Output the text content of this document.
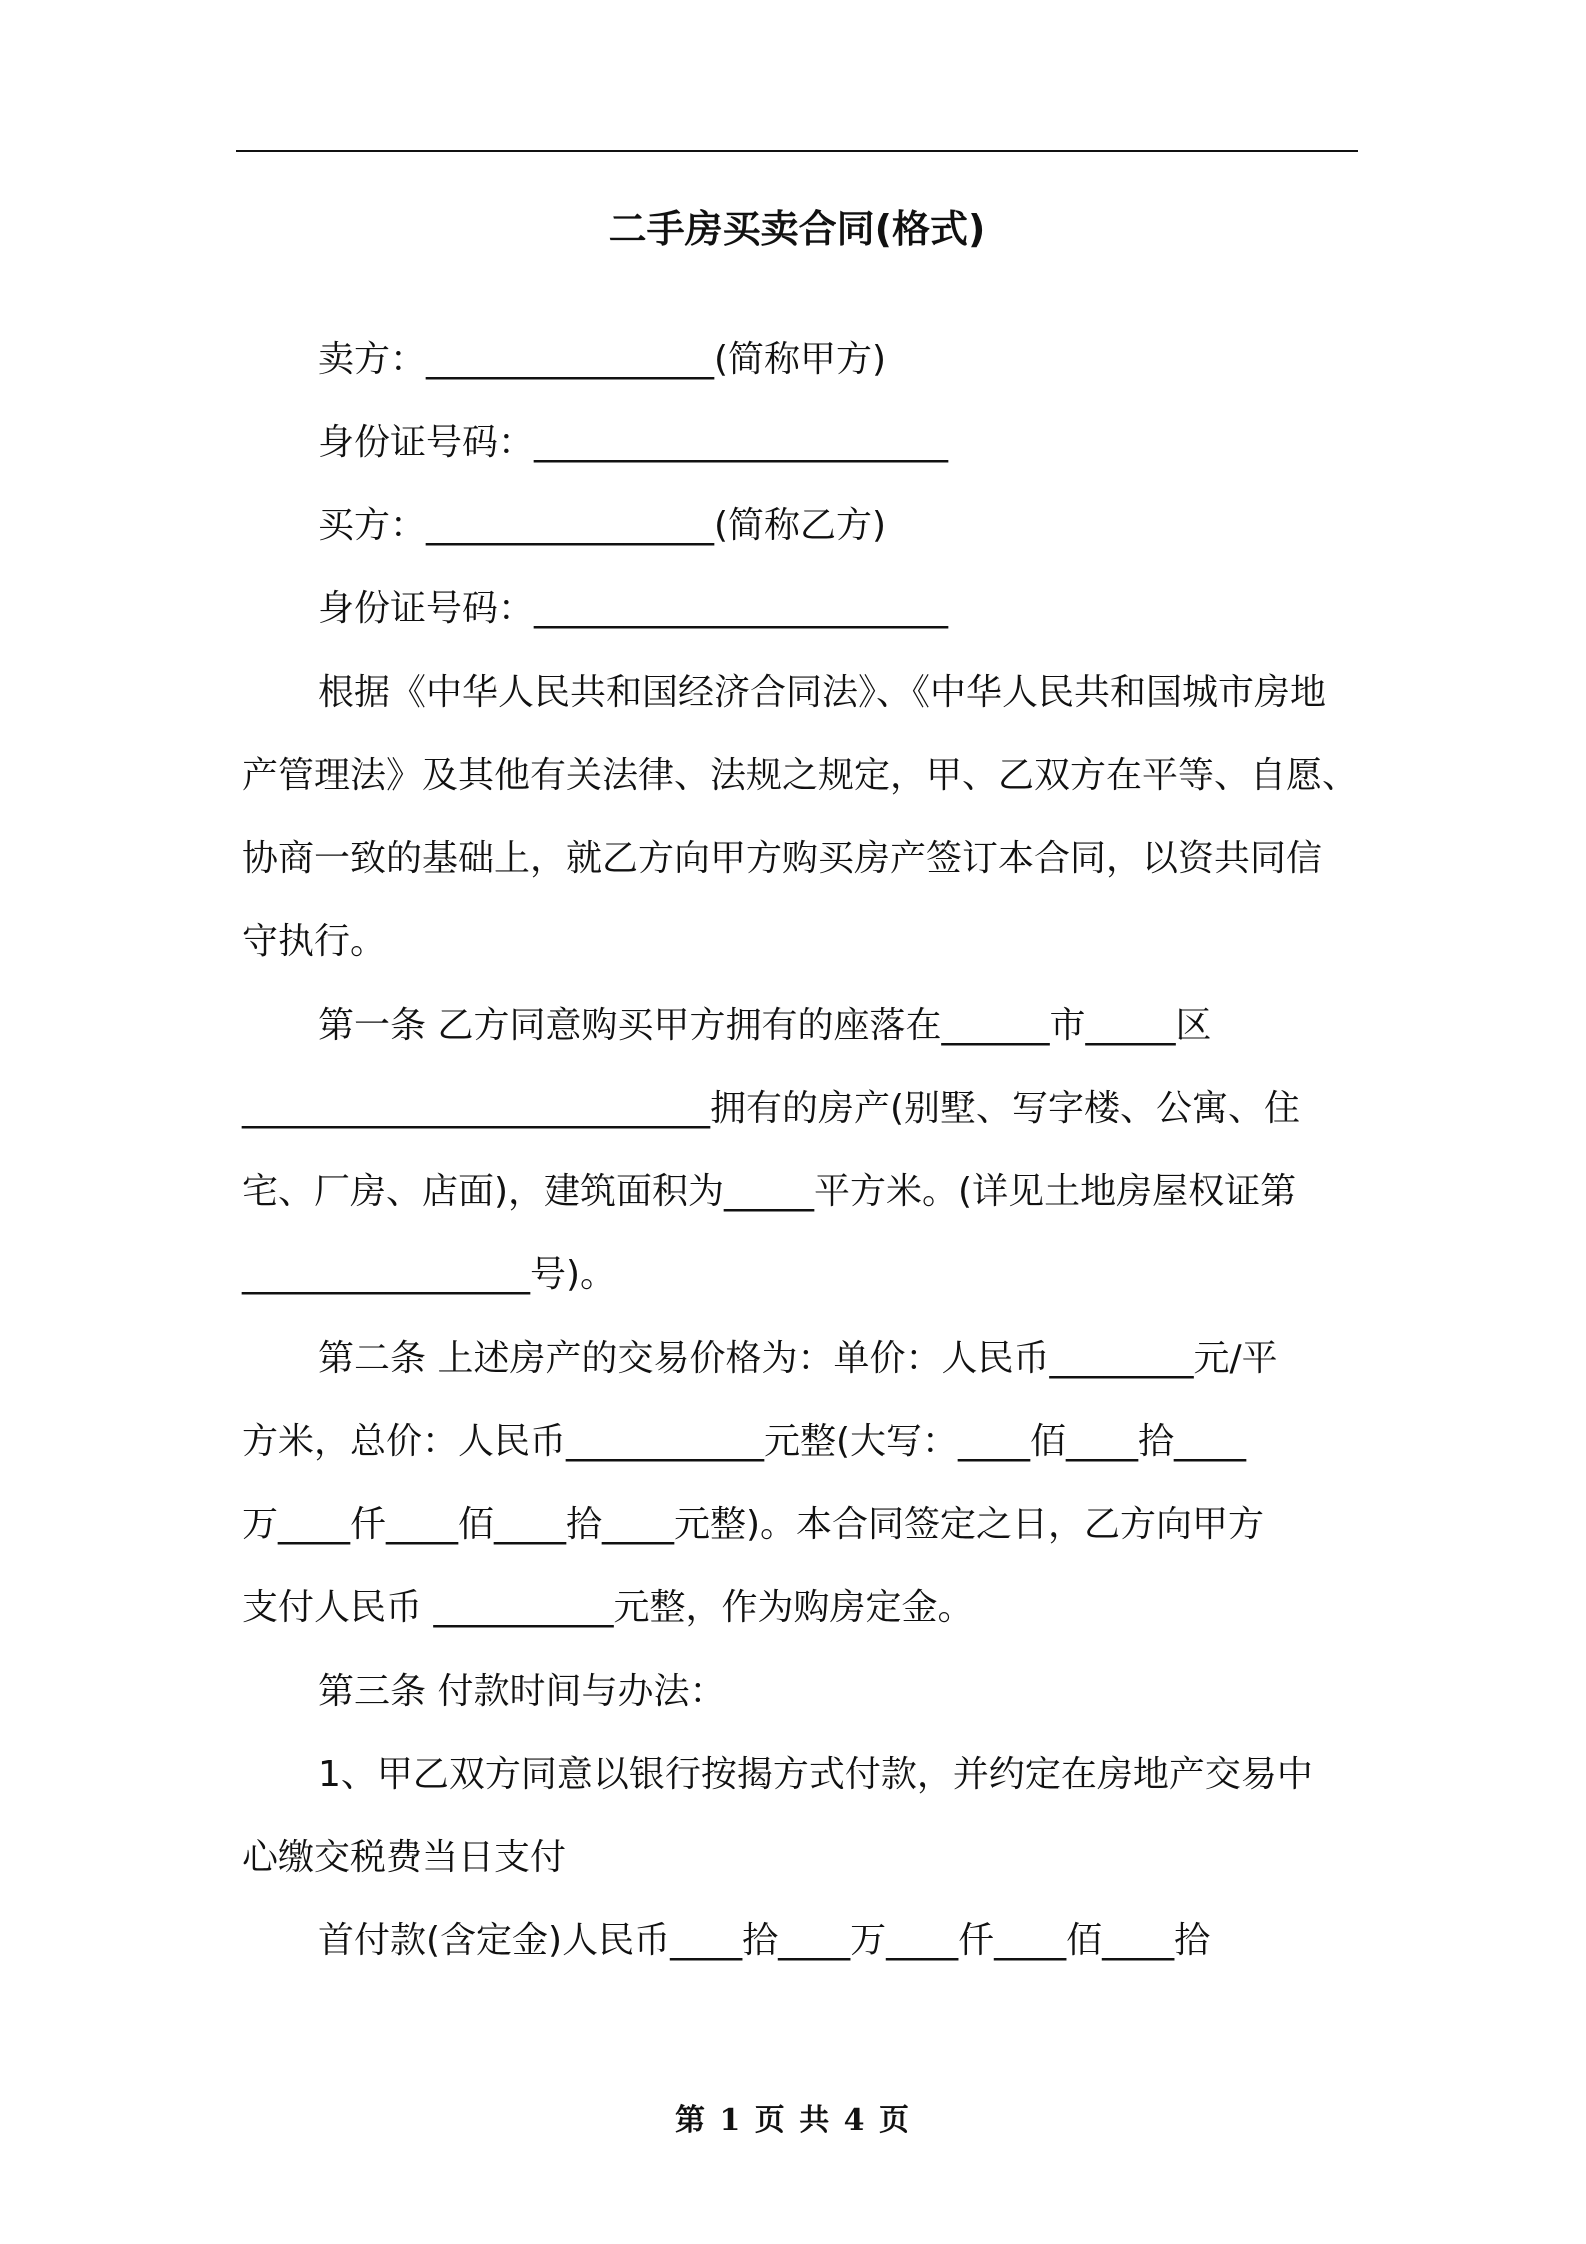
二手房买卖合同(格式)
卖方：________________(简称甲方)
身份证号码：_______________________
买方：________________(简称乙方)
身份证号码：_______________________
根据《中华人民共和国经济合同法》、《中华人民共和国城市房地
产管理法》及其他有关法律、法规之规定，甲、乙双方在平等、自愿、
协商一致的基础上，就乙方向甲方购买房产签订本合同，以资共同信
守执行。
第一条 乙方同意购买甲方拥有的座落在______市_____区
__________________________拥有的房产(别墅、写字楼、公寓、住
宅、厂房、店面)，建筑面积为_____平方米。(详见土地房屋权证第
________________号)。
第二条 上述房产的交易价格为：单价：人民币________元/平
方米，总价：人民币___________元整(大写：____佰____拾____
万____仟____佰____拾____元整)。本合同签定之日，乙方向甲方
支付人民币 __________元整，作为购房定金。
第三条 付款时间与办法：
1、甲乙双方同意以银行按揭方式付款，并约定在房地产交易中
心缴交税费当日支付
首付款(含定金)人民币____拾____万____仟____佰____拾
第 1 页 共 4 页
